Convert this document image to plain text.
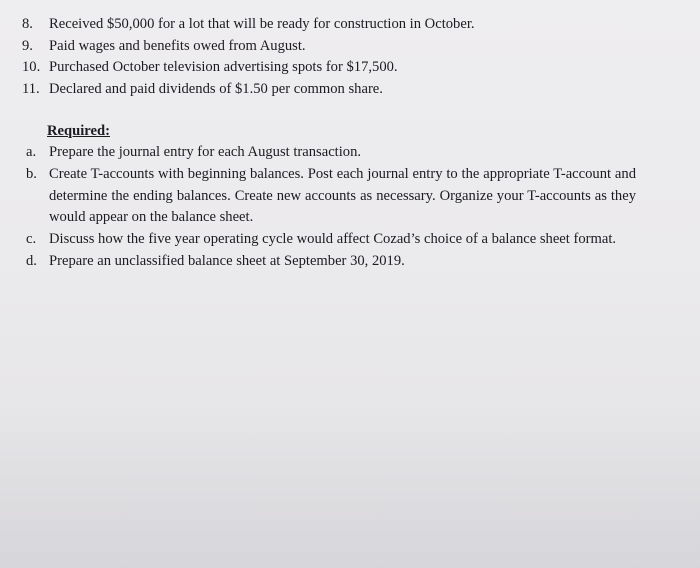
8.	Received $50,000 for a lot that will be ready for construction in October.
9.	Paid wages and benefits owed from August.
10. Purchased October television advertising spots for $17,500.
11. Declared and paid dividends of $1.50 per common share.
Required:
a. Prepare the journal entry for each August transaction.
b. Create T-accounts with beginning balances. Post each journal entry to the appropriate T-account and determine the ending balances. Create new accounts as necessary. Organize your T-accounts as they would appear on the balance sheet.
c. Discuss how the five year operating cycle would affect Cozad’s choice of a balance sheet format.
d. Prepare an unclassified balance sheet at September 30, 2019.
